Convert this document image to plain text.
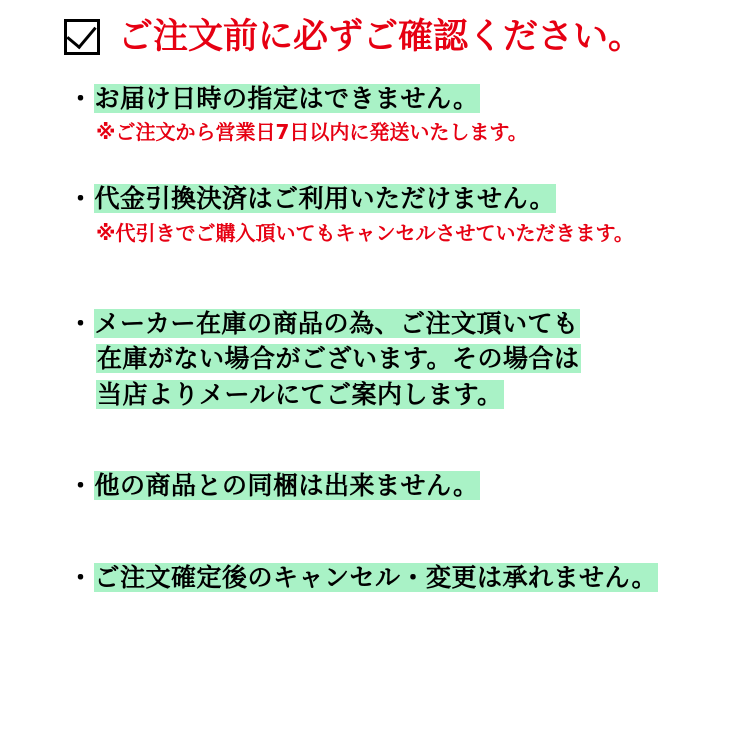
ご注文前に必ずご確認ください。
・お届け日時の指定はできません。
※ご注文から営業日7日以内に発送いたします。
・代金引換決済はご利用いただけません。
※代引きでご購入頂いてもキャンセルさせていただきます。
・メーカー在庫の商品の為、ご注文頂いても
在庫がない場合がございます。その場合は
当店よりメールにてご案内します。
・他の商品との同梱は出来ません。
・ご注文確定後のキャンセル・変更は承れません。
